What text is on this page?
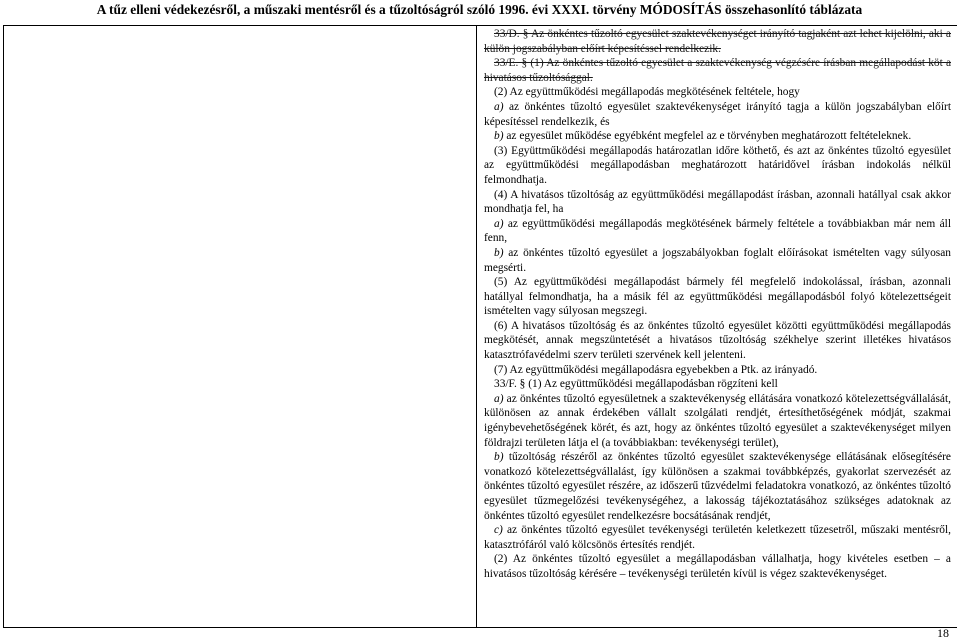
A tűz elleni védekezésről, a műszaki mentésről és a tűzoltóságról szóló 1996. évi XXXI. törvény MÓDOSÍTÁS összehasonlító táblázata

33/D. § Az önkéntes tűzoltó egyesület szaktevékenységet irányító tagjaként azt lehet kijelölni, aki a külön jogszabályban előírt képesítéssel rendelkezik.

33/E. § (1) Az önkéntes tűzoltó egyesület a szaktevékenység végzésére írásban megállapodást köt a hivatásos tűzoltósággal.

(2) Az együttműködési megállapodás megkötésének feltétele, hogy

a) az önkéntes tűzoltó egyesület szaktevékenységet irányító tagja a külön jogszabályban előírt képesítéssel rendelkezik, és

b) az egyesület működése egyébként megfelel az e törvényben meghatározott feltételeknek.

(3) Együttműködési megállapodás határozatlan időre köthető, és azt az önkéntes tűzoltó egyesület az együttműködési megállapodásban meghatározott határidővel írásban indokolás nélkül felmondhatja.

(4) A hivatásos tűzoltóság az együttműködési megállapodást írásban, azonnali hatállyal csak akkor mondhatja fel, ha

a) az együttműködési megállapodás megkötésének bármely feltétele a továbbiakban már nem áll fenn,

b) az önkéntes tűzoltó egyesület a jogszabályokban foglalt előírásokat ismételten vagy súlyosan megsérti.

(5) Az együttműködési megállapodást bármely fél megfelelő indokolással, írásban, azonnali hatállyal felmondhatja, ha a másik fél az együttműködési megállapodásból folyó kötelezettségeit ismételten vagy súlyosan megszegi.

(6) A hivatásos tűzoltóság és az önkéntes tűzoltó egyesület közötti együttműködési megállapodás megkötését, annak megszüntetését a hivatásos tűzoltóság székhelye szerint illetékes hivatásos katasztrófavédelmi szerv területi szervének kell jelenteni.

(7) Az együttműködési megállapodásra egyebekben a Ptk. az irányadó.

33/F. § (1) Az együttműködési megállapodásban rögzíteni kell

a) az önkéntes tűzoltó egyesületnek a szaktevékenység ellátására vonatkozó kötelezettségvállalását, különösen az annak érdekében vállalt szolgálati rendjét, értesíthetőségének módját, szakmai igénybevehetőségének körét, és azt, hogy az önkéntes tűzoltó egyesület a szaktevékenységet milyen földrajzi területen látja el (a továbbiakban: tevékenységi terület),

b) tűzoltóság részéről az önkéntes tűzoltó egyesület szaktevékenysége ellátásának elősegítésére vonatkozó kötelezettségvállalást, így különösen a szakmai továbbképzés, gyakorlat szervezését az önkéntes tűzoltó egyesület részére, az időszerű tűzvédelmi feladatokra vonatkozó, az önkéntes tűzoltó egyesület tűzmegelőzési tevékenységéhez, a lakosság tájékoztatásához szükséges adatoknak az önkéntes tűzoltó egyesület rendelkezésre bocsátásának rendjét,

c) az önkéntes tűzoltó egyesület tevékenységi területén keletkezett tűzesetről, műszaki mentésről, katasztrófáról való kölcsönös értesítés rendjét.

(2) Az önkéntes tűzoltó egyesület a megállapodásban vállalhatja, hogy kivételes esetben – a hivatásos tűzoltóság kérésére – tevékenységi területén kívül is végez szaktevékenységet.

18
